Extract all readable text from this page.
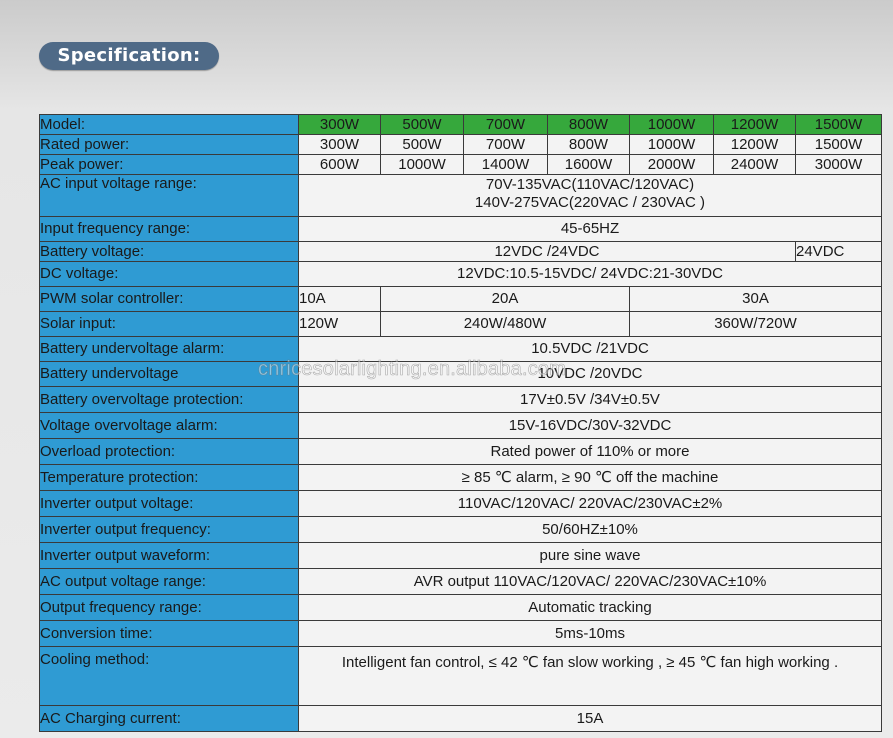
Specification:
Model:	300W	500W	700W	800W	1000W	1200W	1500W
Rated power:	300W	500W	700W	800W	1000W	1200W	1500W
Peak power:	600W	1000W	1400W	1600W	2000W	2400W	3000W
AC input voltage range:	70V-135VAC(110VAC/120VAC)
140V-275VAC(220VAC / 230VAC )						

Input frequency range:	45-65HZ						
Battery voltage:	12VDC /24VDC						24VDC
DC voltage:	12VDC:10.5-15VDC/ 24VDC:21-30VDC						
PWM solar controller:	10A	20A			30A		
Solar input:	120W	240W/480W			360W/720W		
Battery undervoltage alarm:	10.5VDC /21VDC						
Battery undervoltage	10VDC /20VDC						
Battery overvoltage protection:	17V±0.5V /34V±0.5V						
Voltage overvoltage alarm:	15V-16VDC/30V-32VDC						
Overload protection:	Rated power of 110% or more						
Temperature protection:	≥ 85 ℃ alarm, ≥ 90 ℃ off the machine						
Inverter output voltage:	110VAC/120VAC/ 220VAC/230VAC±2%						
Inverter output frequency:	50/60HZ±10%						
Inverter output waveform:	pure sine wave						
AC output voltage range:	AVR output 110VAC/120VAC/ 220VAC/230VAC±10%						
Output frequency range:	Automatic tracking						
Conversion time:	5ms-10ms						
Cooling method:	Intelligent fan control, ≤ 42 ℃ fan slow working , ≥ 45 ℃ fan high working .						
AC Charging current:	15A						
cnricesolarlighting.en.alibaba.com
